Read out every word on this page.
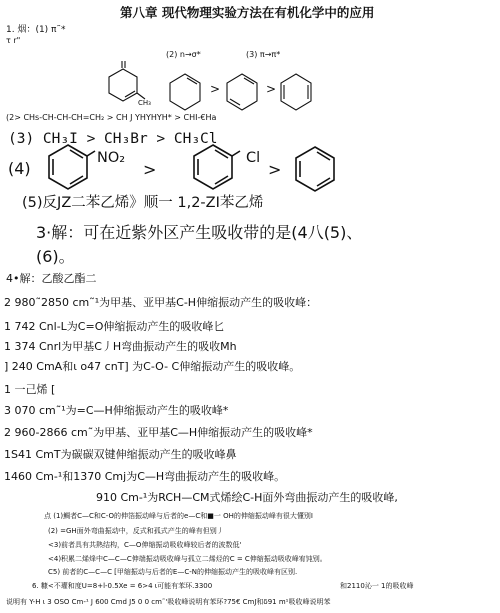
第八章 现代物理实验方法在有机化学中的应用
1. 烟：(1) π˜*
τ r"
CH₃
(2) n→σ*	(3) π→π*
>	>
(2> CHs-CH-CH-CH=CH₂ > CH J YHYHYH* > CHI-€Ha
(3) CH₃I > CH₃Br > CH₃Cl
(4)
NO₂
>
Cl
>
(5)反JZ二苯乙烯》顺一 1,2-ZI苯乙烯
3·解：可在近紫外区产生吸收带的是(4八(5)、
(6)。
4•解：乙酸乙酯二
2 980˜2850 cm˜¹为甲基、亚甲基C-H伸缩振动产生的吸收峰：
1 742 Cnl-L为C=O伸缩振动产生的吸收峰匕
1 374 Cnrl为甲基C丿H弯曲振动产生的吸收Mh
] 240 CmA和ι o47 cnT] 为C-O- C伸缩振动产生的吸收峰。
1 一己烯 [
3 070 cm˜¹为=C—H伸缩振动产生的吸收峰*
2 960-2866 cm˜为甲基、亚甲基C—H伸缩振动产生的吸收峰*
1S41 CmT为碳碳双键伸缩振动产生的吸收峰鼻
1460 Cm-¹和1370 Cmj为C—H弯曲振动产生的吸收峰。
910 Cm-¹为RCH—CM式烯绘C-H面外弯曲振动产生的吸收峰,
点 (1)鯛者C—C和C-O的伸箔振动峰与后者的e—C和■一 OH的伸缩振动峰有很大懂別I
(2) =GH面外弯曲振动中，反式和孤式产生的峰有但别丿
<3)前者具有共熱结构，C—O伸缩振动吸收峰较后者的波数低'
<4)积累二烯烽中C—C—C伸端振动吸收峰与孤立二烯烃的C = C伸缩振动吸收峰宥饨别。
C5) 前者的C—C—C [甲缩振动与后者的E—C-N的伸缩振动产生的吸收峰有区别.
6. 糠<不瓘和度U=8+l-0.5Xe = 6>4 ι可能有苯环.3300	和2110沁一 1的吸收峰
说明有 Y-H ι 3 OSO Cm-¹ J 600 Cmd J5 0 0 cm˜'吸收峰说明有苯环?75€ CmJ和δ91 m¹吸收峰说明苯
